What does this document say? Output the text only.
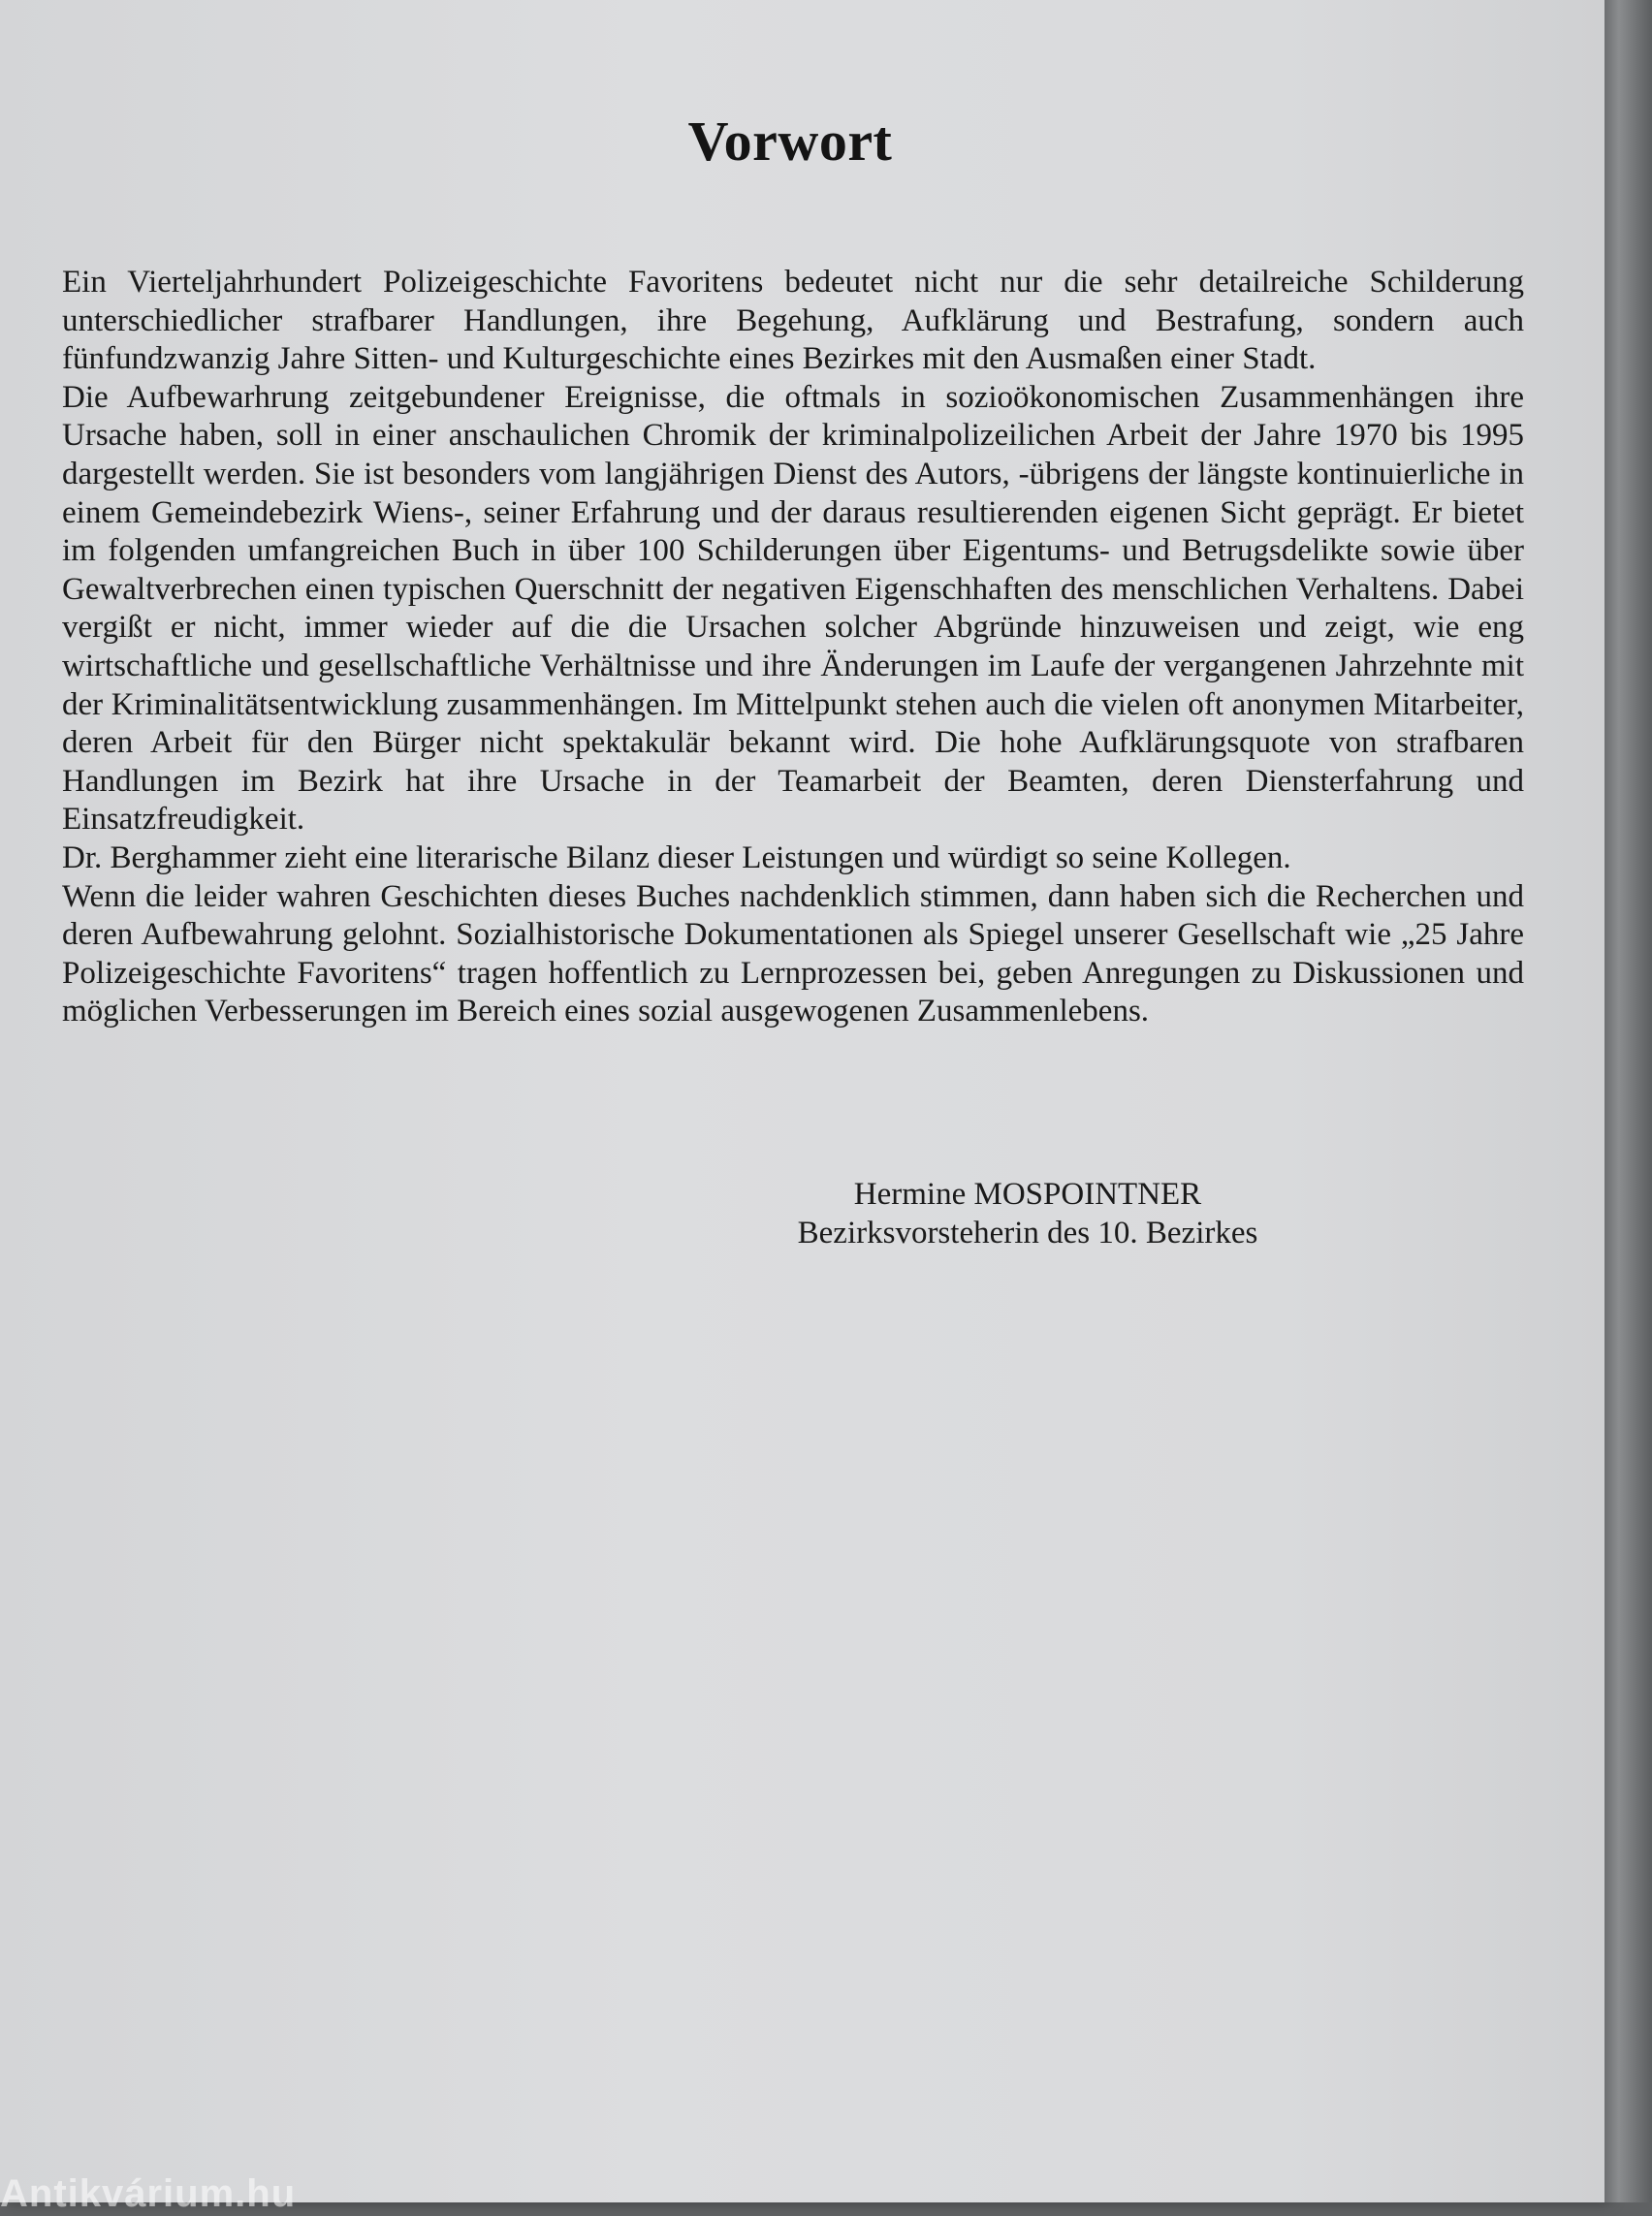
Vorwort

Ein Vierteljahrhundert Polizeigeschichte Favoritens bedeutet nicht nur die sehr detailreiche Schilderung unterschiedlicher strafbarer Handlungen, ihre Begehung, Aufklärung und Bestrafung, sondern auch fünfundzwanzig Jahre Sitten- und Kulturgeschichte eines Bezirkes mit den Ausmaßen einer Stadt.

Die Aufbewarhrung zeitgebundener Ereignisse, die oftmals in sozioökonomischen Zusammenhängen ihre Ursache haben, soll in einer anschaulichen Chromik der kriminalpolizeilichen Arbeit der Jahre 1970 bis 1995 dargestellt werden. Sie ist besonders vom langjährigen Dienst des Autors, -übrigens der längste kontinuierliche in einem Gemeindebezirk Wiens-, seiner Erfahrung und der daraus resultierenden eigenen Sicht geprägt. Er bietet im folgenden umfangreichen Buch in über 100 Schilderungen über Eigentums- und Betrugsdelikte sowie über Gewaltverbrechen einen typischen Querschnitt der negativen Eigenschhaften des menschlichen Verhaltens. Dabei vergißt er nicht, immer wieder auf die die Ursachen solcher Abgründe hinzuweisen und zeigt, wie eng wirtschaftliche und gesellschaftliche Verhältnisse und ihre Änderungen im Laufe der vergangenen Jahrzehnte mit der Kriminalitätsentwicklung zusammenhängen. Im Mittelpunkt stehen auch die vielen oft anonymen Mitarbeiter, deren Arbeit für den Bürger nicht spektakulär bekannt wird. Die hohe Aufklärungsquote von strafbaren Handlungen im Bezirk hat ihre Ursache in der Teamarbeit der Beamten, deren Diensterfahrung und Einsatzfreudigkeit.

Dr. Berghammer zieht eine literarische Bilanz dieser Leistungen und würdigt so seine Kollegen.

Wenn die leider wahren Geschichten dieses Buches nachdenklich stimmen, dann haben sich die Recherchen und deren Aufbewahrung gelohnt. Sozialhistorische Dokumentationen als Spiegel unserer Gesellschaft wie „25 Jahre Polizeigeschichte Favoritens“ tragen hoffentlich zu Lernprozessen bei, geben Anregungen zu Diskussionen und möglichen Verbesserungen im Bereich eines sozial ausgewogenen Zusammenlebens.

Hermine MOSPOINTNER
Bezirksvorsteherin des 10. Bezirkes
Antikvárium.hu
